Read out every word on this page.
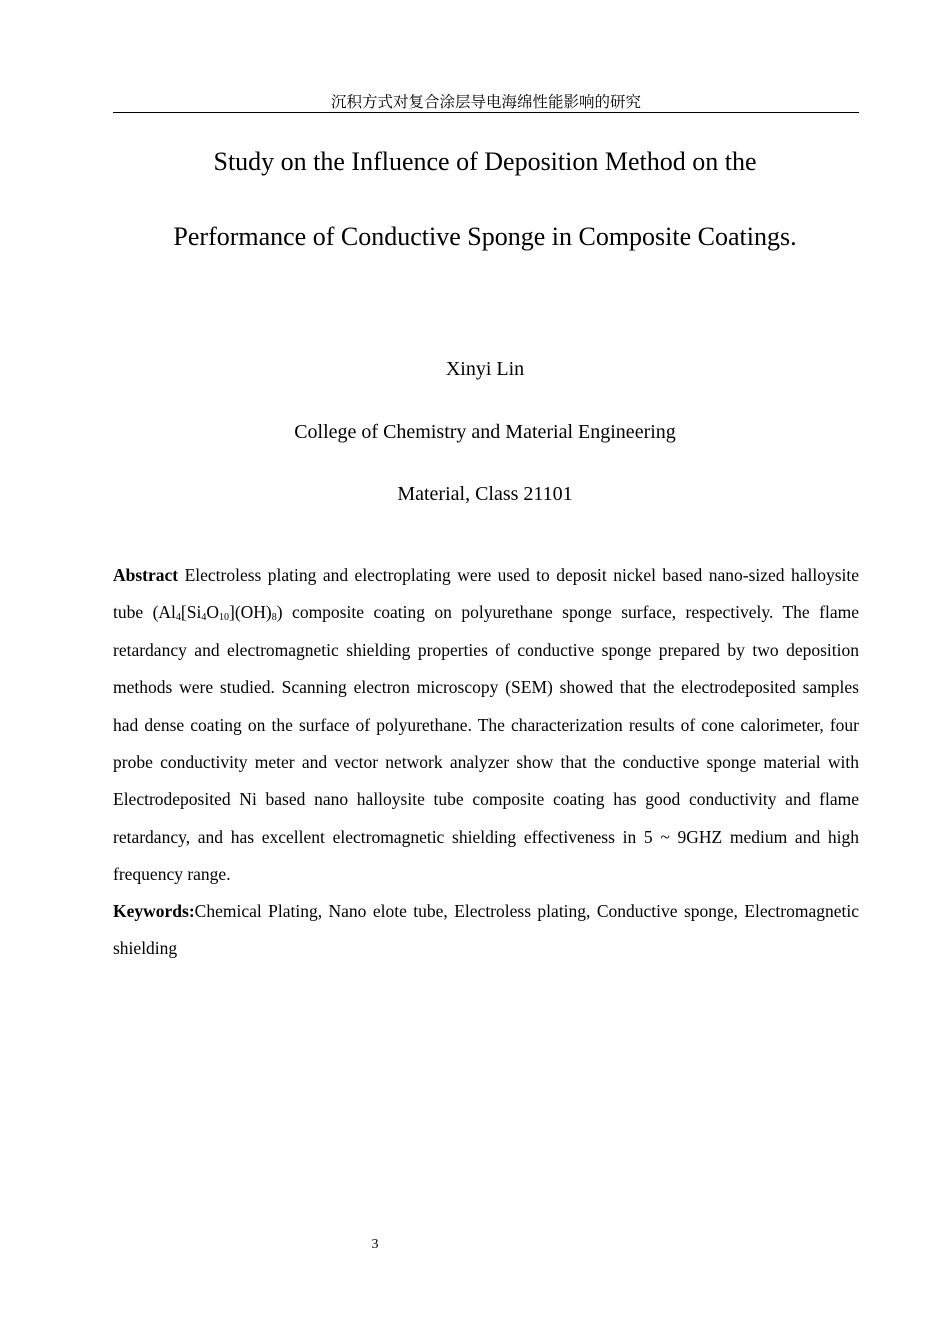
沉积方式对复合涂层导电海绵性能影响的研究
Study on the Influence of Deposition Method on the
Performance of Conductive Sponge in Composite Coatings.
Xinyi Lin
College of Chemistry and Material Engineering
Material, Class 21101

Abstract Electroless plating and electroplating were used to deposit nickel based nano-sized halloysite tube $(Al_4[Si_4O_{10}](OH)_8)$ composite coating on polyurethane sponge surface, respectively. The flame retardancy and electromagnetic shielding properties of conductive sponge prepared by two deposition methods were studied. Scanning electron microscopy (SEM) showed that the electrodeposited samples had dense coating on the surface of polyurethane. The characterization results of cone calorimeter, four probe conductivity meter and vector network analyzer show that the conductive sponge material with Electrodeposited Ni based nano halloysite tube composite coating has good conductivity and flame retardancy, and has excellent electromagnetic shielding effectiveness in 5 ~ 9GHZ medium and high frequency range.

Keywords:Chemical Plating, Nano elote tube, Electroless plating, Conductive sponge, Electromagnetic shielding

3
